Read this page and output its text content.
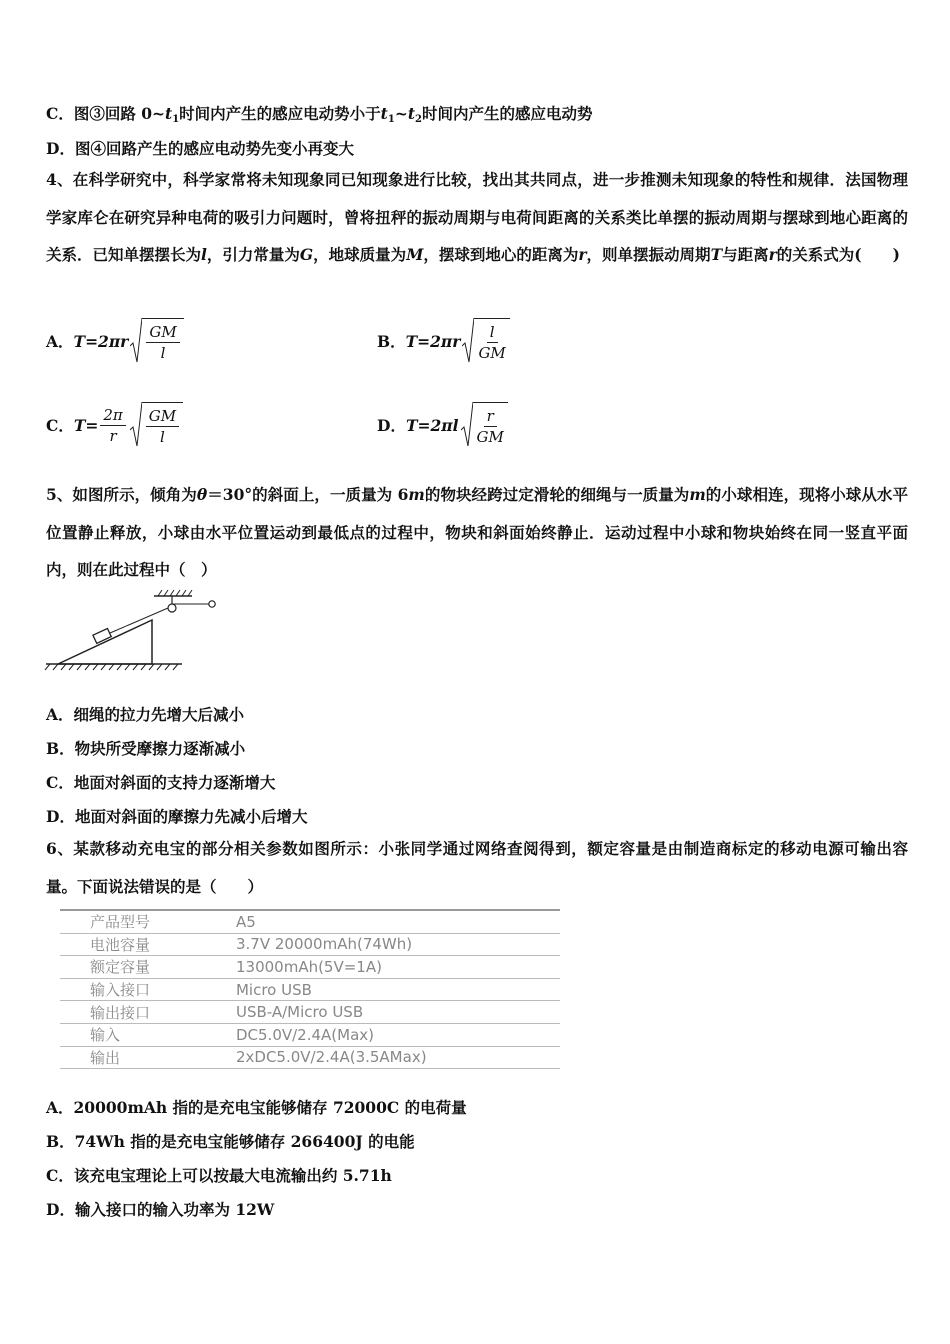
C．图③回路 $0\sim t_1$时间内产生的感应电动势小于$t_1\sim t_2$时间内产生的感应电动势
D．图④回路产生的感应电动势先变小再变大
4、在科学研究中，科学家常将未知现象同已知现象进行比较，找出其共同点，进一步推测未知现象的特性和规律．法国物理学家库仑在研究异种电荷的吸引力问题时，曾将扭秤的振动周期与电荷间距离的关系类比单摆的振动周期与摆球到地心距离的关系．已知单摆摆长为l，引力常量为G，地球质量为M，摆球到地心的距离为r，则单摆振动周期T与距离r的关系式为(　　)
A． $T=2\pi r \frac{GM}{l}$	B． $T=2\pi r \frac{l}{GM}$
C． $T= \frac{2\pi}{r} \frac{GM}{l}$	D． $T=2\pi l \frac{r}{GM}$
5、如图所示，倾角为θ＝30°的斜面上，一质量为 6m的物块经跨过定滑轮的细绳与一质量为m的小球相连，现将小球从水平位置静止释放，小球由水平位置运动到最低点的过程中，物块和斜面始终静止．运动过程中小球和物块始终在同一竖直平面内，则在此过程中（　）
A．细绳的拉力先增大后减小
B．物块所受摩擦力逐渐减小
C．地面对斜面的支持力逐渐增大
D．地面对斜面的摩擦力先减小后增大
6、某款移动充电宝的部分相关参数如图所示：小张同学通过网络查阅得到，额定容量是由制造商标定的移动电源可输出容量。下面说法错误的是（　　）
产品型号	A5
电池容量	3.7V 20000mAh(74Wh)
额定容量	13000mAh(5V=1A)
输入接口	Micro USB
输出接口	USB-A/Micro USB
输入	DC5.0V/2.4A(Max)
输出	2xDC5.0V/2.4A(3.5AMax)
A．20000mAh 指的是充电宝能够储存 72000C 的电荷量
B．74Wh 指的是充电宝能够储存 266400J 的电能
C．该充电宝理论上可以按最大电流输出约 5.71h
D．输入接口的输入功率为 12W
